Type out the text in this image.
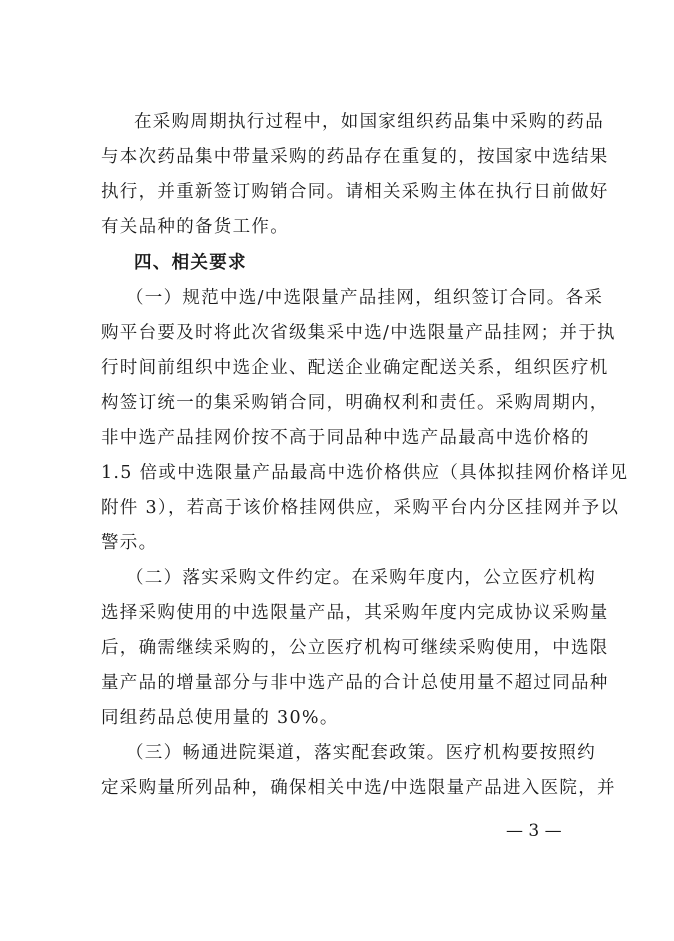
在采购周期执行过程中，如国家组织药品集中采购的药品
与本次药品集中带量采购的药品存在重复的，按国家中选结果
执行，并重新签订购销合同。请相关采购主体在执行日前做好
有关品种的备货工作。
四、相关要求
（一）规范中选/中选限量产品挂网，组织签订合同。各采
购平台要及时将此次省级集采中选/中选限量产品挂网；并于执
行时间前组织中选企业、配送企业确定配送关系，组织医疗机
构签订统一的集采购销合同，明确权利和责任。采购周期内，
非中选产品挂网价按不高于同品种中选产品最高中选价格的
1.5 倍或中选限量产品最高中选价格供应（具体拟挂网价格详见
附件 3），若高于该价格挂网供应，采购平台内分区挂网并予以
警示。
（二）落实采购文件约定。在采购年度内，公立医疗机构
选择采购使用的中选限量产品，其采购年度内完成协议采购量
后，确需继续采购的，公立医疗机构可继续采购使用，中选限
量产品的增量部分与非中选产品的合计总使用量不超过同品种
同组药品总使用量的 30%。
（三）畅通进院渠道，落实配套政策。医疗机构要按照约
定采购量所列品种，确保相关中选/中选限量产品进入医院，并
— 3 —
